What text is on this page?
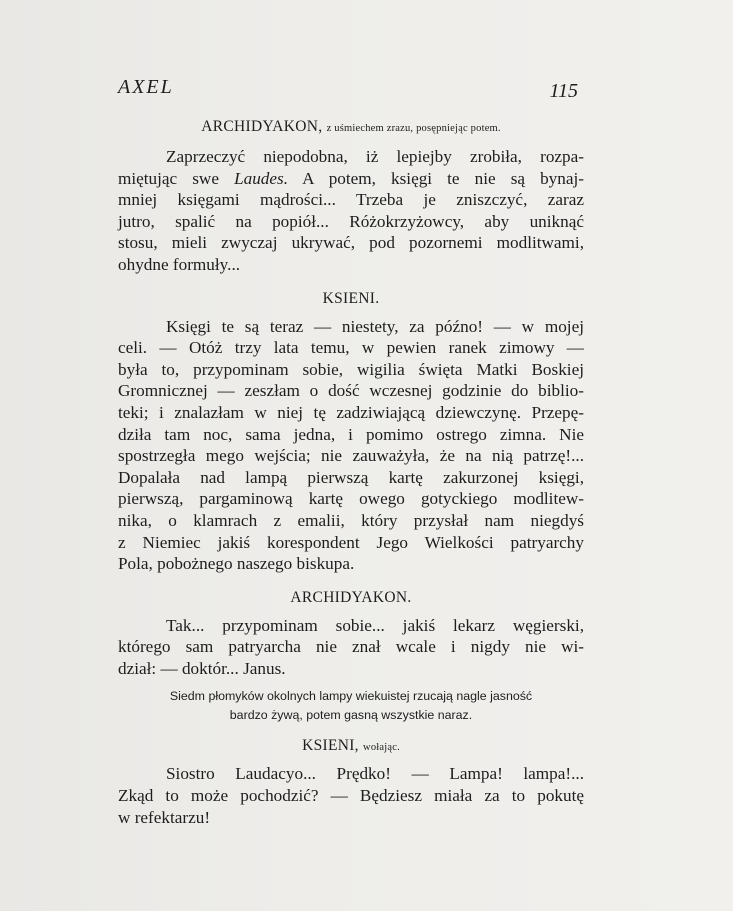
AXEL	115
ARCHIDYAKON, z uśmiechem zrazu, posępniejąc potem.

Zaprzeczyć niepodobna, iż lepiejby zrobiła, rozpa-
miętując swe Laudes. A potem, księgi te nie są bynaj-
mniej księgami mądrości... Trzeba je zniszczyć, zaraz
jutro, spalić na popiół... Różokrzyżowcy, aby uniknąć
stosu, mieli zwyczaj ukrywać, pod pozornemi modlitwami,
ohydne formuły...

KSIENI.

Księgi te są teraz — niestety, za późno! — w mojej
celi. — Otóż trzy lata temu, w pewien ranek zimowy —
była to, przypominam sobie, wigilia święta Matki Boskiej
Gromnicznej — zeszłam o dość wczesnej godzinie do biblio-
teki; i znalazłam w niej tę zadziwiającą dziewczynę. Przepę-
dziła tam noc, sama jedna, i pomimo ostrego zimna. Nie
spostrzegła mego wejścia; nie zauważyła, że na nią patrzę!...
Dopalała nad lampą pierwszą kartę zakurzonej księgi,
pierwszą, pargaminową kartę owego gotyckiego modlitew-
nika, o klamrach z emalii, który przysłał nam niegdyś
z Niemiec jakiś korespondent Jego Wielkości patryarchy
Pola, pobożnego naszego biskupa.

ARCHIDYAKON.

Tak... przypominam sobie... jakiś lekarz węgierski,
którego sam patryarcha nie znał wcale i nigdy nie wi-
dział: — doktór... Janus.

Siedm płomyków okolnych lampy wiekuistej rzucają nagle jasność
bardzo żywą, potem gasną wszystkie naraz.
KSIENI, wołając.

Siostro Laudacyo... Prędko! — Lampa! lampa!...
Zkąd to może pochodzić? — Będziesz miała za to pokutę
w refektarzu!
